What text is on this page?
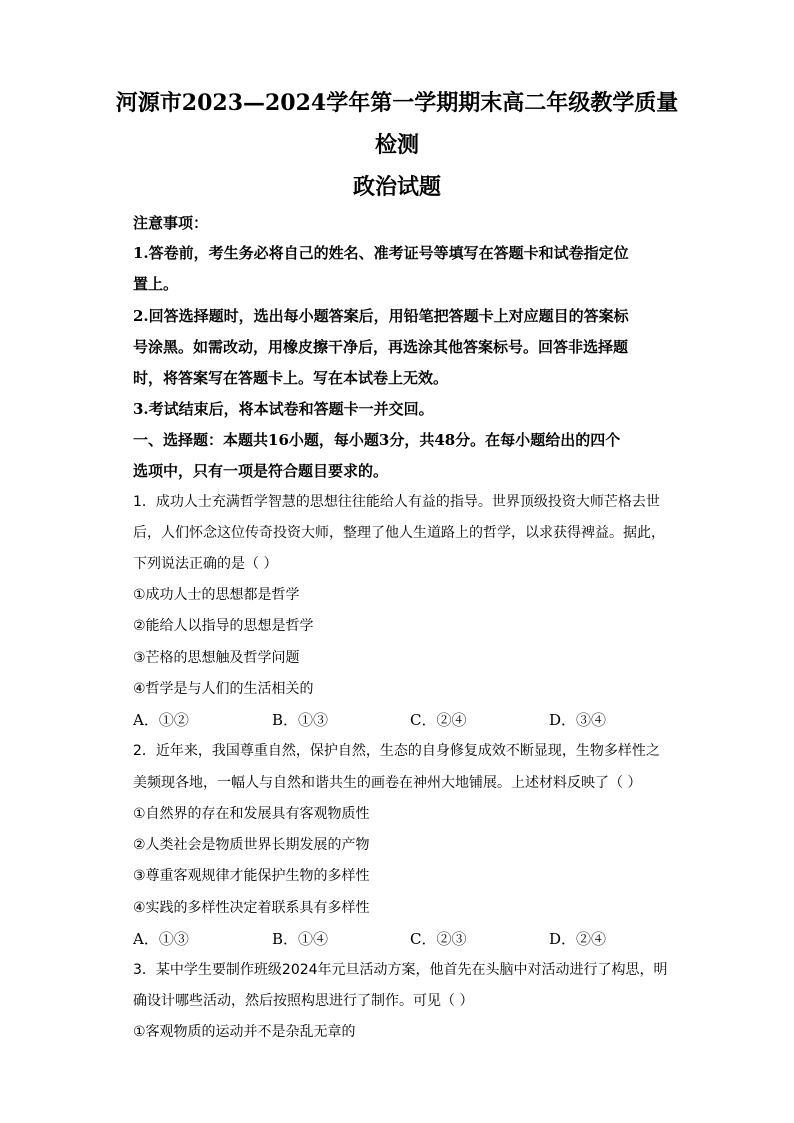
河源市2023—2024学年第一学期期末高二年级教学质量
检测
政治试题
注意事项：
1.答卷前，考生务必将自己的姓名、准考证号等填写在答题卡和试卷指定位
置上。
2.回答选择题时，选出每小题答案后，用铅笔把答题卡上对应题目的答案标
号涂黑。如需改动，用橡皮擦干净后，再选涂其他答案标号。回答非选择题
时，将答案写在答题卡上。写在本试卷上无效。
3.考试结束后，将本试卷和答题卡一并交回。
一、选择题：本题共16小题，每小题3分，共48分。在每小题给出的四个
选项中，只有一项是符合题目要求的。
1．成功人士充满哲学智慧的思想往往能给人有益的指导。世界顶级投资大师芒格去世
后，人们怀念这位传奇投资大师，整理了他人生道路上的哲学，以求获得裨益。据此，
下列说法正确的是（ ）
①成功人士的思想都是哲学
②能给人以指导的思想是哲学
③芒格的思想触及哲学问题
④哲学是与人们的生活相关的
A．①②	B．①③	C．②④	D．③④
2．近年来，我国尊重自然，保护自然，生态的自身修复成效不断显现，生物多样性之
美频现各地，一幅人与自然和谐共生的画卷在神州大地铺展。上述材料反映了（ ）
①自然界的存在和发展具有客观物质性
②人类社会是物质世界长期发展的产物
③尊重客观规律才能保护生物的多样性
④实践的多样性决定着联系具有多样性
A．①③	B．①④	C．②③	D．②④
3．某中学生要制作班级2024年元旦活动方案，他首先在头脑中对活动进行了构思，明
确设计哪些活动，然后按照构思进行了制作。可见（ ）
①客观物质的运动并不是杂乱无章的
